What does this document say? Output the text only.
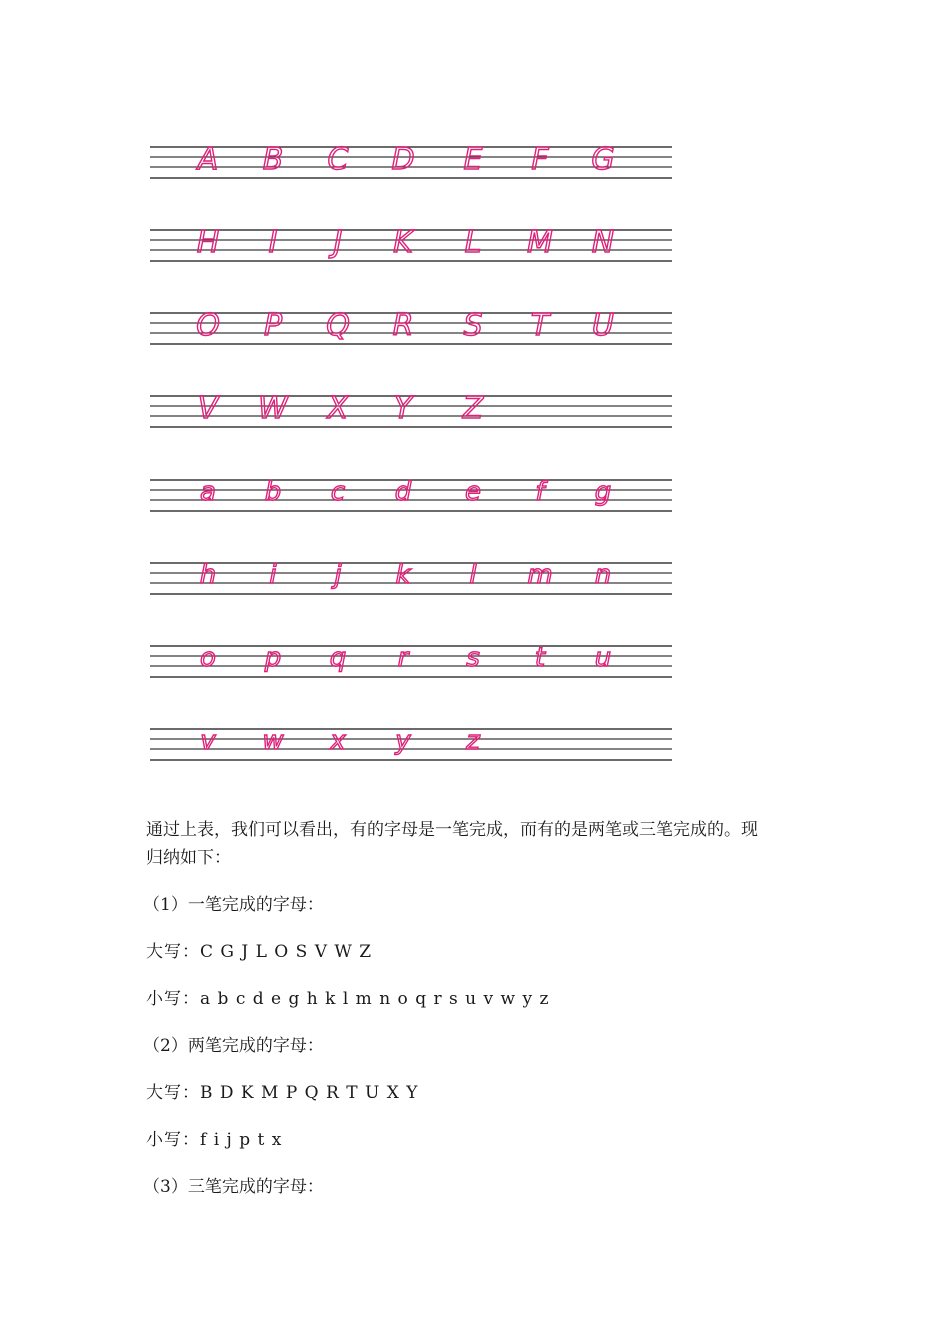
A B C D E F G
H I J K L M N
O P Q R S T U
V W X Y Z
a b c d e f g
h i j k l m n
o p q r s t u
v w x y z
通过上表，我们可以看出，有的字母是一笔完成，而有的是两笔或三笔完成的。现
归纳如下：
（1）一笔完成的字母：
大写：C G J L O S V W Z
小写：a b c d e g h k l m n o q r s u v w y z
（2）两笔完成的字母：
大写：B D K M P Q R T U X Y
小写：f i j p t x
（3）三笔完成的字母：
